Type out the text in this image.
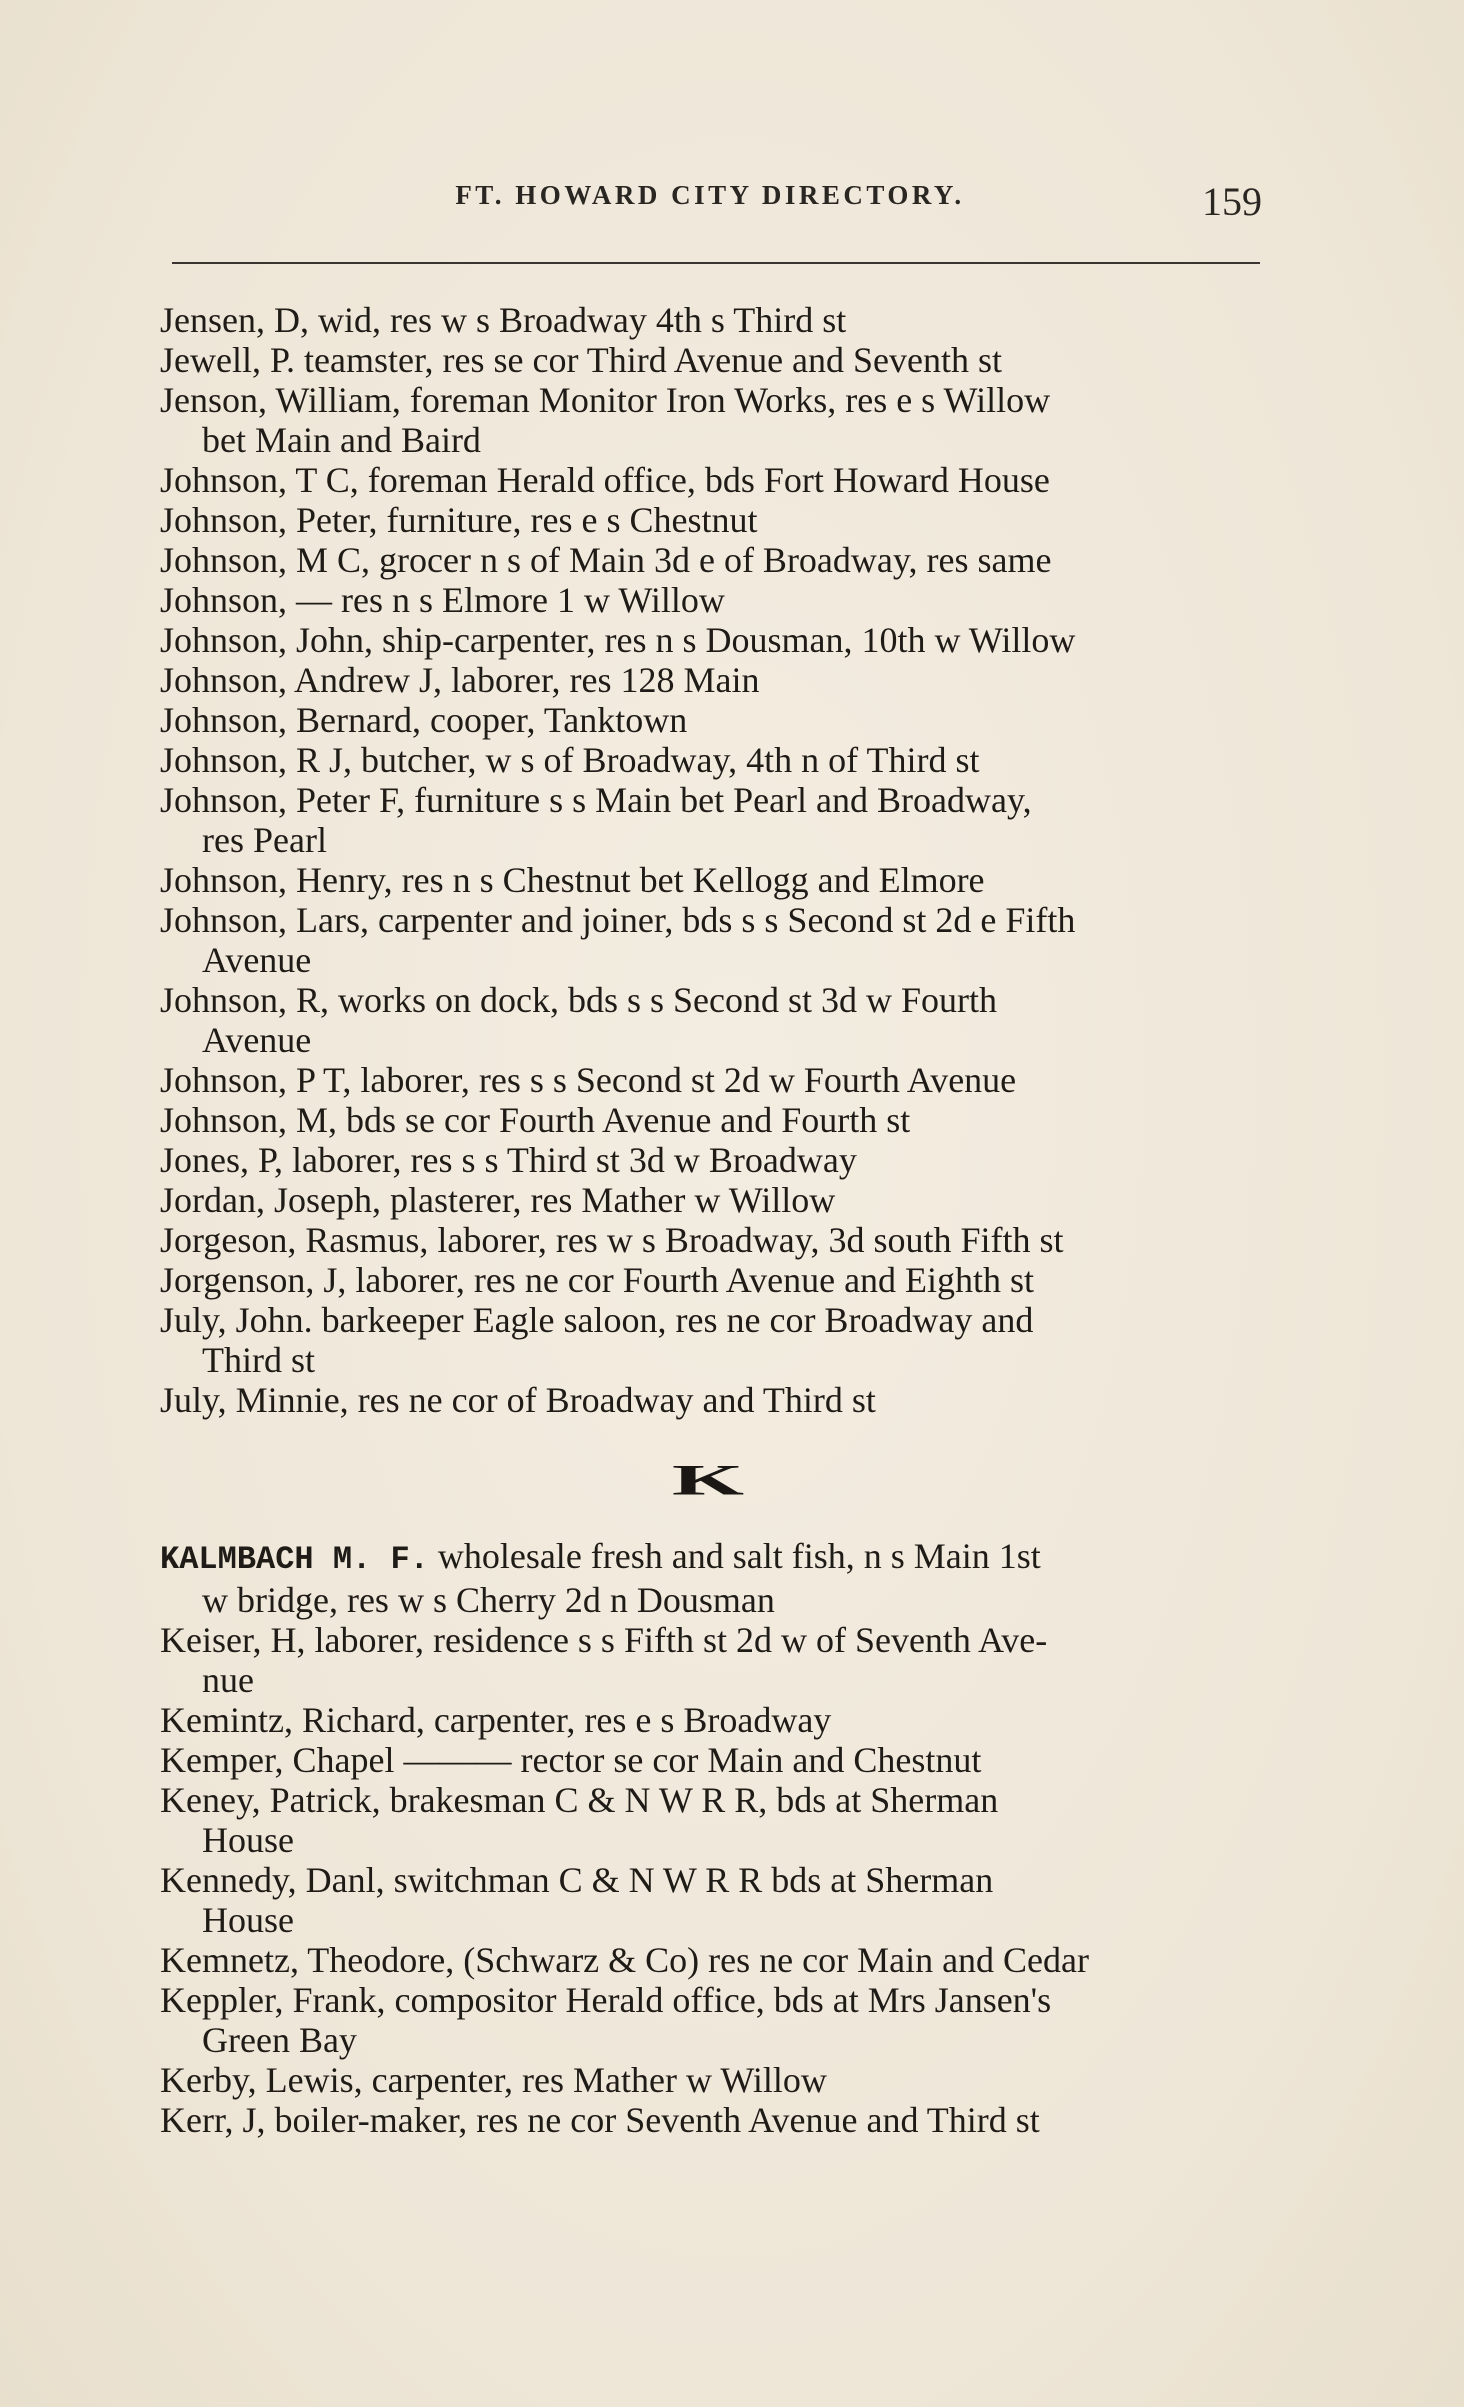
FT. HOWARD CITY DIRECTORY.	159
Jensen, D, wid, res w s Broadway 4th s Third st
Jewell, P. teamster, res se cor Third Avenue and Seventh st
Jenson, William, foreman Monitor Iron Works, res e s Willow
bet Main and Baird
Johnson, T C, foreman Herald office, bds Fort Howard House
Johnson, Peter, furniture, res e s Chestnut
Johnson, M C, grocer n s of Main 3d e of Broadway, res same
Johnson, — res n s Elmore 1 w Willow
Johnson, John, ship-carpenter, res n s Dousman, 10th w Willow
Johnson, Andrew J, laborer, res 128 Main
Johnson, Bernard, cooper, Tanktown
Johnson, R J, butcher, w s of Broadway, 4th n of Third st
Johnson, Peter F, furniture s s Main bet Pearl and Broadway,
res Pearl
Johnson, Henry, res n s Chestnut bet Kellogg and Elmore
Johnson, Lars, carpenter and joiner, bds s s Second st 2d e Fifth
Avenue
Johnson, R, works on dock, bds s s Second st 3d w Fourth
Avenue
Johnson, P T, laborer, res s s Second st 2d w Fourth Avenue
Johnson, M, bds se cor Fourth Avenue and Fourth st
Jones, P, laborer, res s s Third st 3d w Broadway
Jordan, Joseph, plasterer, res Mather w Willow
Jorgeson, Rasmus, laborer, res w s Broadway, 3d south Fifth st
Jorgenson, J, laborer, res ne cor Fourth Avenue and Eighth st
July, John. barkeeper Eagle saloon, res ne cor Broadway and
Third st
July, Minnie, res ne cor of Broadway and Third st
K
KALMBACH M. F. wholesale fresh and salt fish, n s Main 1st
w bridge, res w s Cherry 2d n Dousman
Keiser, H, laborer, residence s s Fifth st 2d w of Seventh Ave-
nue
Kemintz, Richard, carpenter, res e s Broadway
Kemper, Chapel ——— rector se cor Main and Chestnut
Keney, Patrick, brakesman C & N W R R, bds at Sherman
House
Kennedy, Danl, switchman C & N W R R bds at Sherman
House
Kemnetz, Theodore, (Schwarz & Co) res ne cor Main and Cedar
Keppler, Frank, compositor Herald office, bds at Mrs Jansen's
Green Bay
Kerby, Lewis, carpenter, res Mather w Willow
Kerr, J, boiler-maker, res ne cor Seventh Avenue and Third st
